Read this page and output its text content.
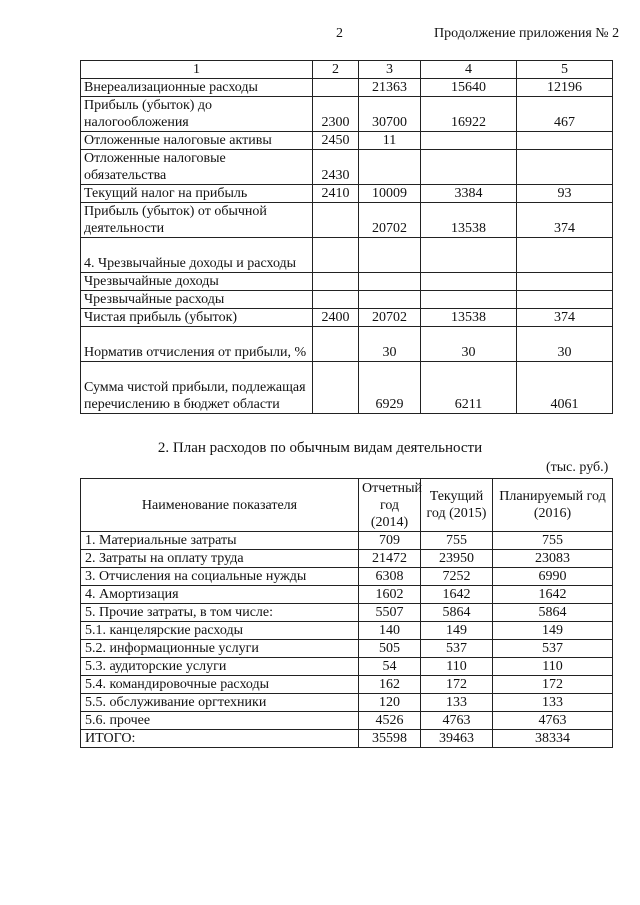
2	Продолжение приложения № 2
1	2	3	4	5
Внереализационные расходы		21363	15640	12196
Прибыль (убыток) до налогообложения	2300	30700	16922	467
Отложенные налоговые активы	2450	11		
Отложенные налоговые обязательства	2430			
Текущий налог на прибыль	2410	10009	3384	93
Прибыль (убыток) от обычной деятельности		20702	13538	374
4. Чрезвычайные доходы и расходы				
Чрезвычайные доходы				
Чрезвычайные расходы				
Чистая прибыль (убыток)	2400	20702	13538	374
Норматив отчисления от прибыли, %		30	30	30
Сумма чистой прибыли, подлежащая перечислению в бюджет области		6929	6211	4061
2. План расходов по обычным видам деятельности
(тыс. руб.)
Наименование показателя	Отчетный год (2014)	Текущий год (2015)	Планируемый год (2016)
1. Материальные затраты	709	755	755
2. Затраты на оплату труда	21472	23950	23083
3. Отчисления на социальные нужды	6308	7252	6990
4. Амортизация	1602	1642	1642
5. Прочие затраты, в том числе:	5507	5864	5864
5.1. канцелярские расходы	140	149	149
5.2. информационные услуги	505	537	537
5.3. аудиторские услуги	54	110	110
5.4. командировочные расходы	162	172	172
5.5. обслуживание оргтехники	120	133	133
5.6. прочее	4526	4763	4763
ИТОГО:	35598	39463	38334
